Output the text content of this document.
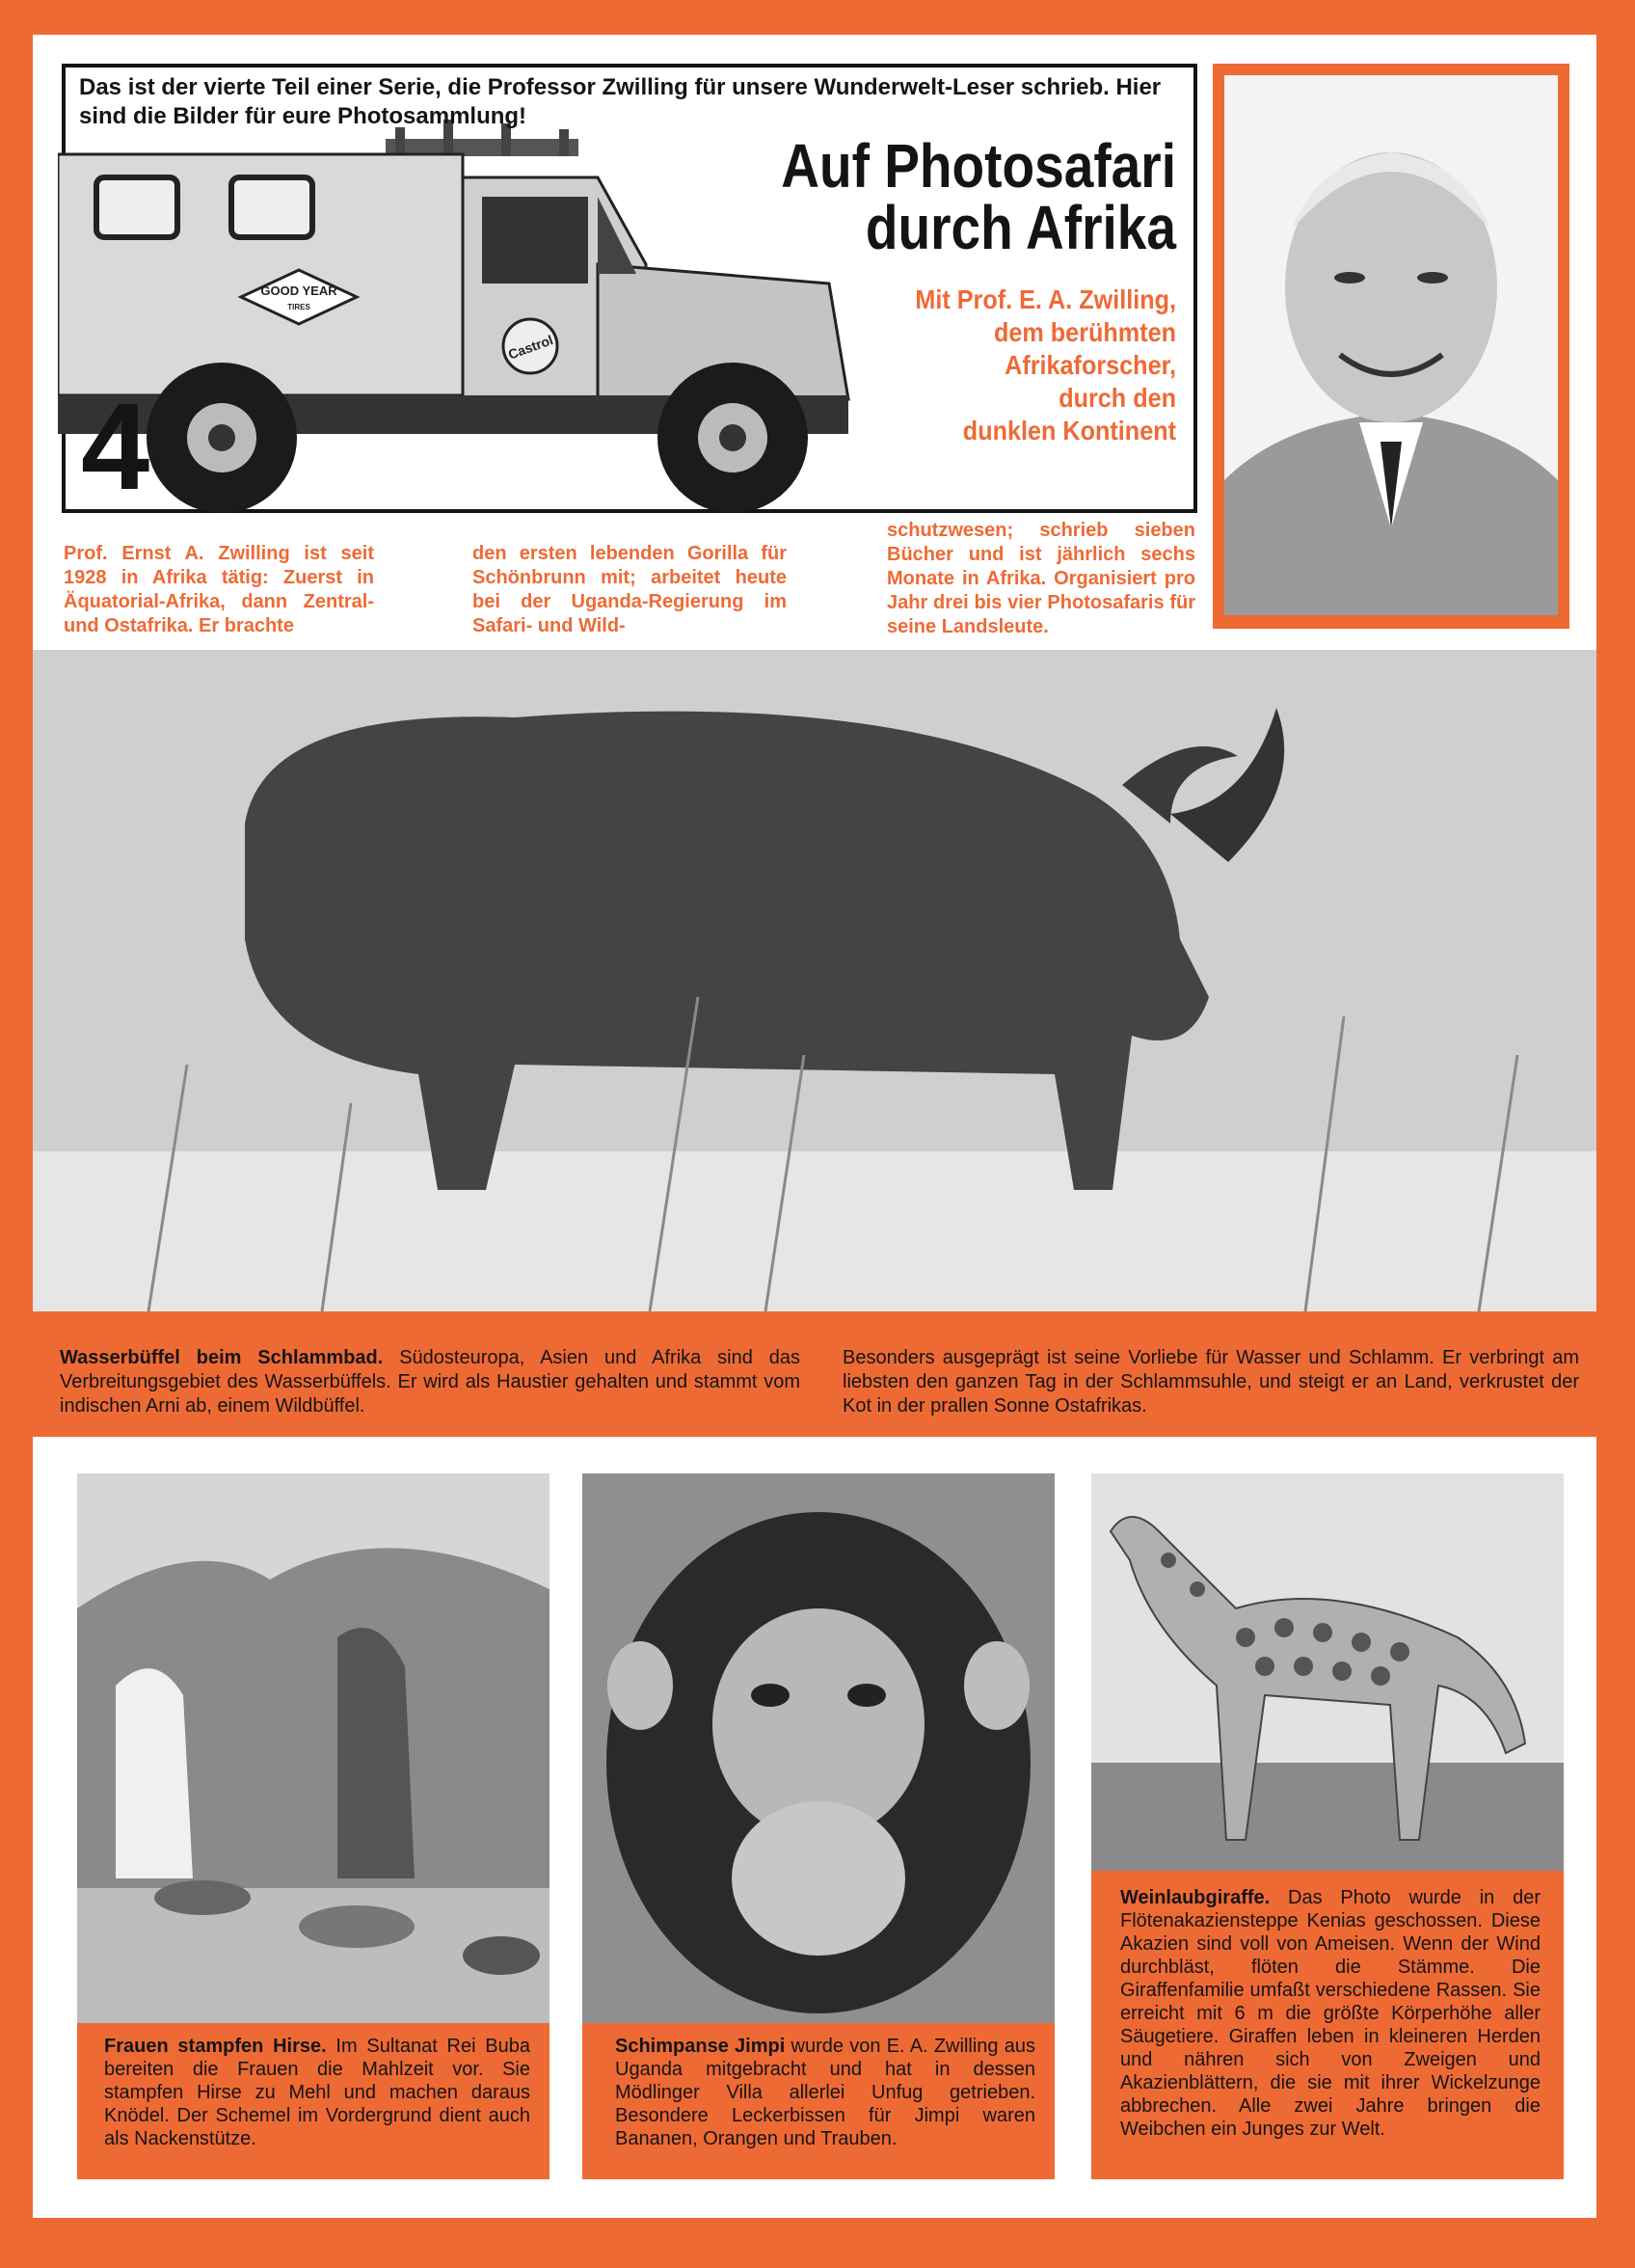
GOOD YEAR
TIRES
Castrol
Das ist der vierte Teil einer Serie, die Professor Zwilling für unsere Wunderwelt-Leser schrieb. Hier sind die Bilder für eure Photosammlung!
4
Auf Photosafari
durch Afrika
Mit Prof. E. A. Zwilling,
dem berühmten
Afrikaforscher,
durch den
dunklen Kontinent
Prof. Ernst A. Zwilling ist seit 1928 in Afrika tätig: Zuerst in Äquatorial-Afrika, dann Zentral- und Ostafrika. Er brachte
den ersten lebenden Gorilla für Schönbrunn mit; arbeitet heute bei der Uganda-Regierung im Safari- und Wild-
schutzwesen; schrieb sieben Bücher und ist jährlich sechs Monate in Afrika. Organisiert pro Jahr drei bis vier Photosafaris für seine Landsleute.
Wasserbüffel beim Schlammbad. Südosteuropa, Asien und Afrika sind das Verbreitungsgebiet des Wasserbüffels. Er wird als Haustier gehalten und stammt vom indischen Arni ab, einem Wildbüffel.
Besonders ausgeprägt ist seine Vorliebe für Wasser und Schlamm. Er verbringt am liebsten den ganzen Tag in der Schlammsuhle, und steigt er an Land, verkrustet der Kot in der prallen Sonne Ostafrikas.
Frauen stampfen Hirse. Im Sultanat Rei Buba bereiten die Frauen die Mahlzeit vor. Sie stampfen Hirse zu Mehl und machen daraus Knödel. Der Schemel im Vordergrund dient auch als Nackenstütze.
Schimpanse Jimpi wurde von E. A. Zwilling aus Uganda mitgebracht und hat in dessen Mödlinger Villa allerlei Unfug getrieben. Besondere Leckerbissen für Jimpi waren Bananen, Orangen und Trauben.
Weinlaubgiraffe. Das Photo wurde in der Flötenakaziensteppe Kenias geschossen. Diese Akazien sind voll von Ameisen. Wenn der Wind durchbläst, flöten die Stämme. Die Giraffenfamilie umfaßt verschiedene Rassen. Sie erreicht mit 6 m die größte Körperhöhe aller Säugetiere. Giraffen leben in kleineren Herden und nähren sich von Zweigen und Akazienblättern, die sie mit ihrer Wickelzunge abbrechen. Alle zwei Jahre bringen die Weibchen ein Junges zur Welt.
